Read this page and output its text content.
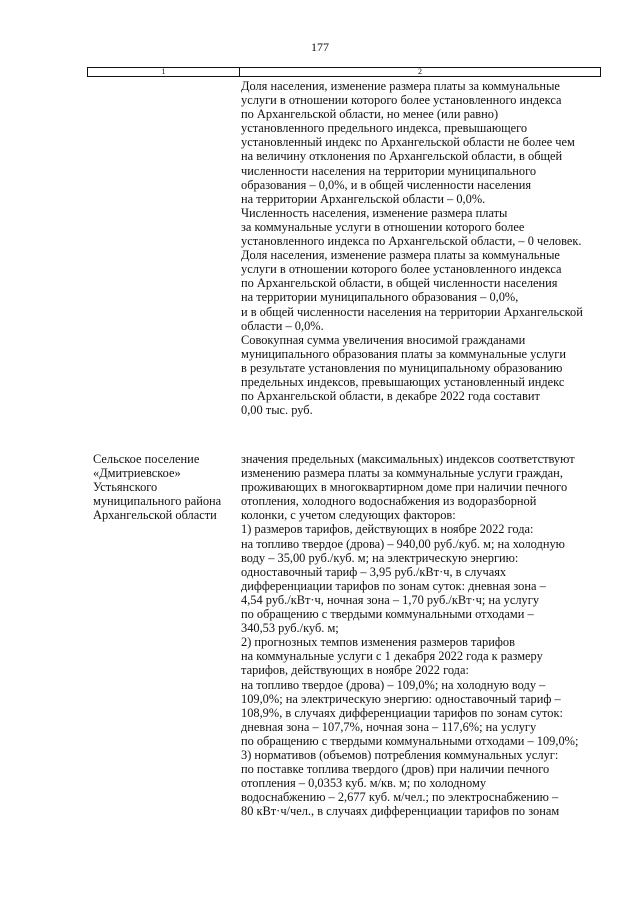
177
1	2
Доля населения, изменение размера платы за коммунальные
услуги в отношении которого более установленного индекса
по Архангельской области, но менее (или равно)
установленного предельного индекса, превышающего
установленный индекс по Архангельской области не более чем
на величину отклонения по Архангельской области, в общей
численности населения на территории муниципального
образования – 0,0%, и в общей численности населения
на территории Архангельской области – 0,0%.
Численность населения, изменение размера платы
за коммунальные услуги в отношении которого более
установленного индекса по Архангельской области, – 0 человек.
Доля населения, изменение размера платы за коммунальные
услуги в отношении которого более установленного индекса
по Архангельской области, в общей численности населения
на территории муниципального образования – 0,0%,
и в общей численности населения на территории Архангельской
области – 0,0%.
Совокупная сумма увеличения вносимой гражданами
муниципального образования платы за коммунальные услуги
в результате установления по муниципальному образованию
предельных индексов, превышающих установленный индекс
по Архангельской области, в декабре 2022 года составит
0,00 тыс. руб.
Сельское поселение
«Дмитриевское»
Устьянского
муниципального района
Архангельской области
значения предельных (максимальных) индексов соответствуют
изменению размера платы за коммунальные услуги граждан,
проживающих в многоквартирном доме при наличии печного
отопления, холодного водоснабжения из водоразборной
колонки, с учетом следующих факторов:
1) размеров тарифов, действующих в ноябре 2022 года:
на топливо твердое (дрова) – 940,00 руб./куб. м; на холодную
воду – 35,00 руб./куб. м; на электрическую энергию:
одноставочный тариф – 3,95 руб./кВт·ч, в случаях
дифференциации тарифов по зонам суток: дневная зона –
4,54 руб./кВт·ч, ночная зона – 1,70 руб./кВт·ч; на услугу
по обращению с твердыми коммунальными отходами –
340,53 руб./куб. м;
2) прогнозных темпов изменения размеров тарифов
на коммунальные услуги с 1 декабря 2022 года к размеру
тарифов, действующих в ноябре 2022 года:
на топливо твердое (дрова) – 109,0%; на холодную воду –
109,0%; на электрическую энергию: одноставочный тариф –
108,9%, в случаях дифференциации тарифов по зонам суток:
дневная зона – 107,7%, ночная зона – 117,6%; на услугу
по обращению с твердыми коммунальными отходами – 109,0%;
3) нормативов (объемов) потребления коммунальных услуг:
по поставке топлива твердого (дров) при наличии печного
отопления – 0,0353 куб. м/кв. м; по холодному
водоснабжению – 2,677 куб. м/чел.; по электроснабжению –
80 кВт·ч/чел., в случаях дифференциации тарифов по зонам
